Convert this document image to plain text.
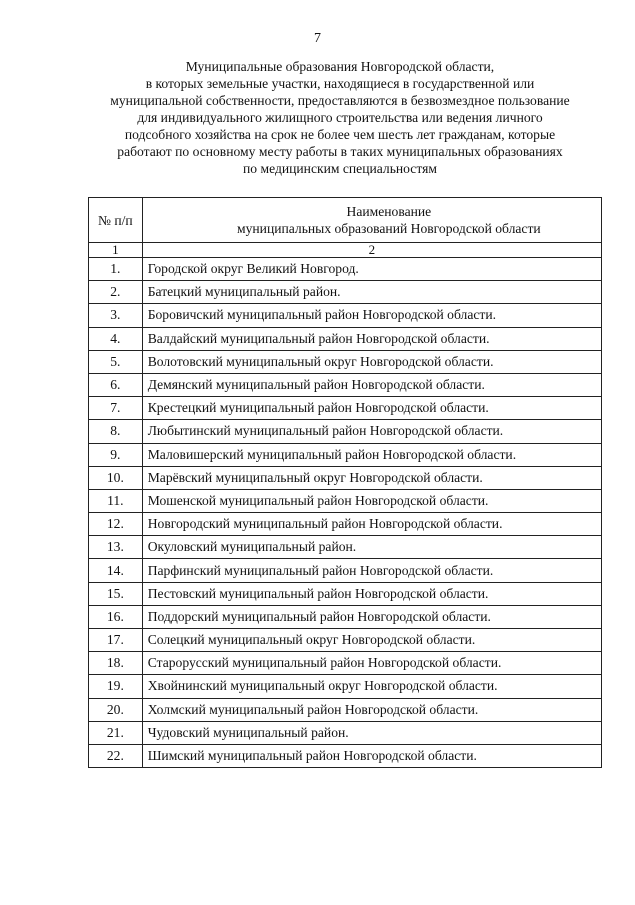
7
Муниципальные образования Новгородской области,
в которых земельные участки, находящиеся в государственной или
муниципальной собственности, предоставляются в безвозмездное пользование
для индивидуального жилищного строительства или ведения личного
подсобного хозяйства на срок не более чем шесть лет гражданам, которые
работают по основному месту работы в таких муниципальных образованиях
по медицинским специальностям
№ п/п	Наименование
муниципальных образований Новгородской области
1	2
1.	Городской округ Великий Новгород.
2.	Батецкий муниципальный район.
3.	Боровичский муниципальный район Новгородской области.
4.	Валдайский муниципальный район Новгородской области.
5.	Волотовский муниципальный округ Новгородской области.
6.	Демянский муниципальный район Новгородской области.
7.	Крестецкий муниципальный район Новгородской области.
8.	Любытинский муниципальный район Новгородской области.
9.	Маловишерский муниципальный район Новгородской области.
10.	Марёвский муниципальный округ Новгородской области.
11.	Мошенской муниципальный район Новгородской области.
12.	Новгородский муниципальный район Новгородской области.
13.	Окуловский муниципальный район.
14.	Парфинский муниципальный район Новгородской области.
15.	Пестовский муниципальный район Новгородской области.
16.	Поддорский муниципальный район Новгородской области.
17.	Солецкий муниципальный округ Новгородской области.
18.	Старорусский муниципальный район Новгородской области.
19.	Хвойнинский муниципальный округ Новгородской области.
20.	Холмский муниципальный район Новгородской области.
21.	Чудовский муниципальный район.
22.	Шимский муниципальный район Новгородской области.
